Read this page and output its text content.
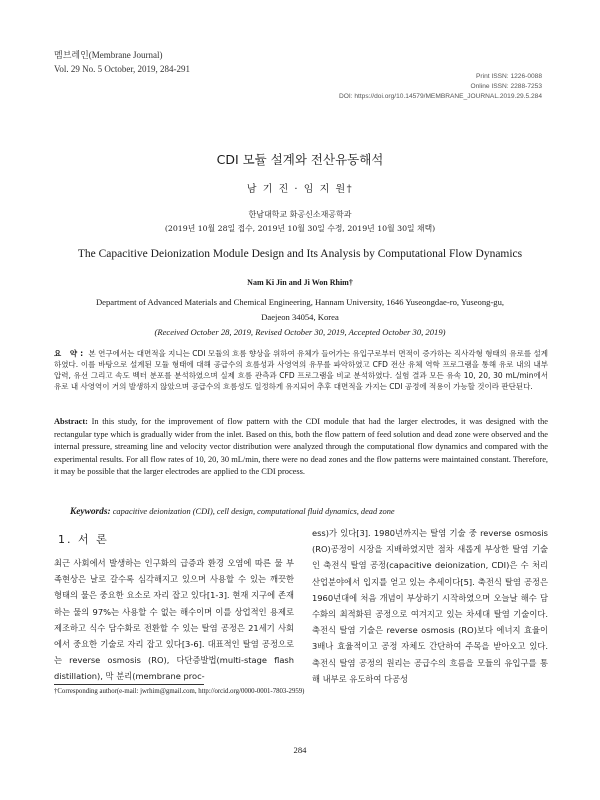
멤브레인(Membrane Journal)
Vol. 29 No. 5 October, 2019, 284-291
Print ISSN: 1226-0088
Online ISSN: 2288-7253
DOI: https://doi.org/10.14579/MEMBRANE_JOURNAL.2019.29.5.284
CDI 모듈 설계와 전산유동해석
남 기 진 · 임 지 원†
한남대학교 화공신소재공학과
(2019년 10월 28일 접수, 2019년 10월 30일 수정, 2019년 10월 30일 채택)
The Capacitive Deionization Module Design and Its Analysis by Computational Flow Dynamics
Nam Ki Jin and Ji Won Rhim†
Department of Advanced Materials and Chemical Engineering, Hannam University, 1646 Yuseongdae-ro, Yuseong-gu,
Daejeon 34054, Korea
(Received October 28, 2019, Revised October 30, 2019, Accepted October 30, 2019)
요 약: 본 연구에서는 대면적을 지니는 CDI 모듈의 흐름 향상을 위하여 유체가 들어가는 유입구로부터 면적이 증가하는 직사각형 형태의 유로를 설계하였다. 이를 바탕으로 설계된 모듈 형태에 대해 공급수의 흐름성과 사영역의 유무를 파악하였고 CFD 전산 유체 역학 프로그램을 통해 유로 내의 내부 압력, 유선 그리고 속도 벡터 분포를 분석하였으며 실제 흐름 관측과 CFD 프로그램을 비교 분석하였다. 실험 결과 모든 유속 10, 20, 30 mL/min에서 유로 내 사영역이 거의 발생하지 않았으며 공급수의 흐름성도 일정하게 유지되어 추후 대면적을 가지는 CDI 공정에 적용이 가능할 것이라 판단된다.
Abstract: In this study, for the improvement of flow pattern with the CDI module that had the larger electrodes, it was designed with the rectangular type which is gradually wider from the inlet. Based on this, both the flow pattern of feed solution and dead zone were observed and the internal pressure, streaming line and velocity vector distribution were analyzed through the computational flow dynamics and compared with the experimental results. For all flow rates of 10, 20, 30 mL/min, there were no dead zones and the flow patterns were maintained constant. Therefore, it may be possible that the larger electrodes are applied to the CDI process.
Keywords: capacitive deionization (CDI), cell design, computational fluid dynamics, dead zone
1. 서 론
최근 사회에서 발생하는 인구화의 급증과 환경 오염에 따른 물 부족현상은 날로 갈수록 심각해지고 있으며 사용할 수 있는 깨끗한 형태의 물은 중요한 요소로 자리 잡고 있다[1-3]. 현재 지구에 존재하는 물의 97%는 사용할 수 없는 해수이며 이를 상업적인 용제로 제조하고 식수 담수화로 전환할 수 있는 탈염 공정은 21세기 사회에서 중요한 기술로 자리 잡고 있다[3-6]. 대표적인 탈염 공정으로는 reverse osmosis (RO), 다단증발법(multi-stage flash distillation), 막 분리(membrane proc-
ess)가 있다[3]. 1980년까지는 탈염 기술 중 reverse osmosis (RO)공정이 시장을 지배하였지만 점차 새롭게 부상한 탈염 기술인 축전식 탈염 공정(capacitive deionization, CDI)은 수 처리 산업분야에서 입지를 얻고 있는 추세이다[5]. 축전식 탈염 공정은 1960년대에 처음 개념이 부상하기 시작하였으며 오늘날 해수 담수화의 최적화된 공정으로 여겨지고 있는 차세대 탈염 기술이다. 축전식 탈염 기술은 reverse osmosis (RO)보다 에너지 효율이 3배나 효율적이고 공정 자체도 간단하여 주목을 받아오고 있다. 축전식 탈염 공정의 원리는 공급수의 흐름을 모듈의 유입구를 통해 내부로 유도하여 다공성
†Corresponding author(e-mail: jwrhim@gmail.com, http://orcid.org/0000-0001-7803-2959)
284
